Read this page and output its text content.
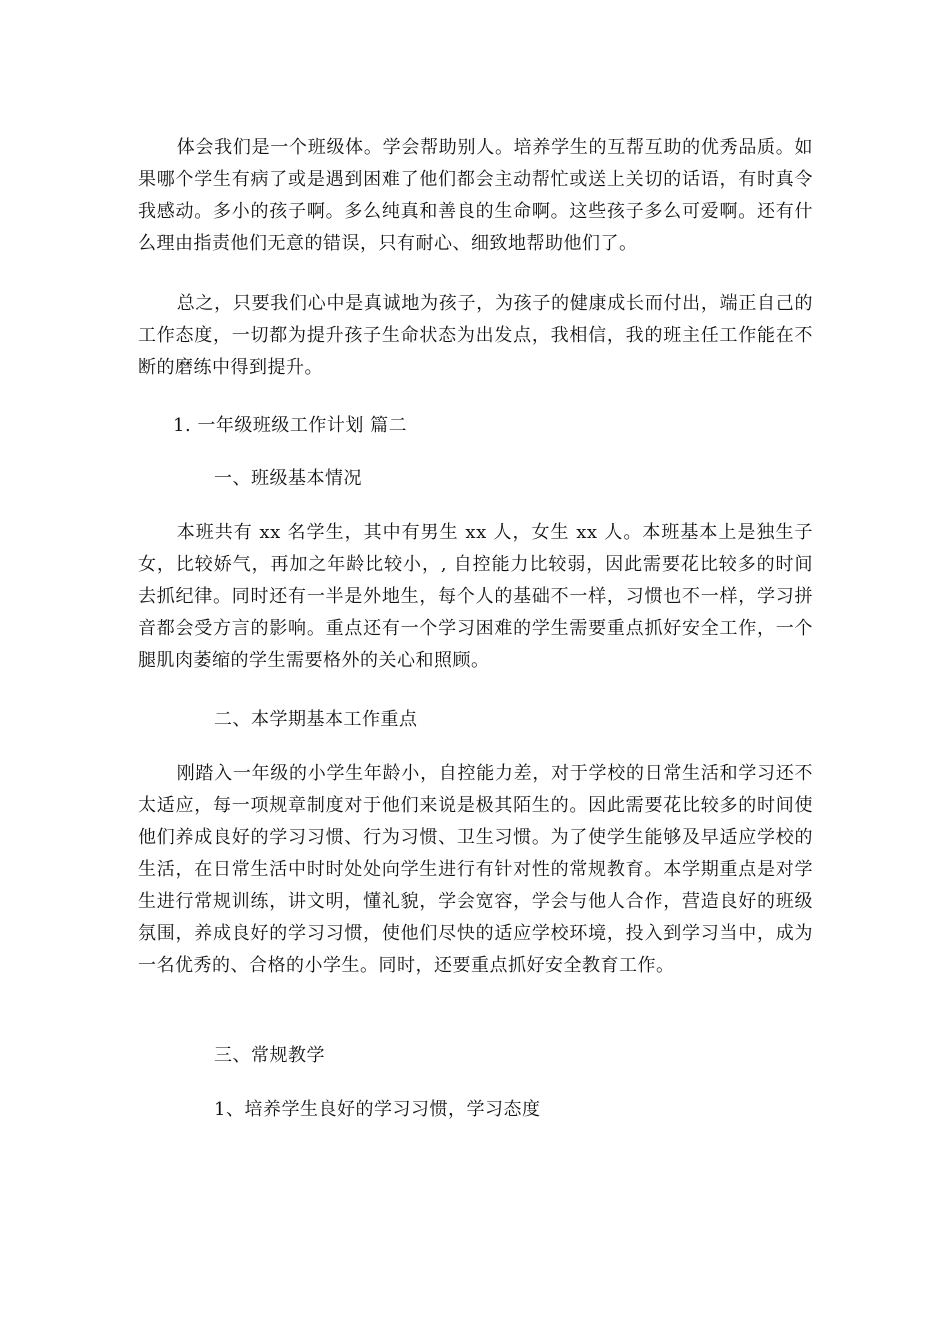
体会我们是一个班级体。学会帮助别人。培养学生的互帮互助的优秀品质。如果哪个学生有病了或是遇到困难了他们都会主动帮忙或送上关切的话语，有时真令我感动。多小的孩子啊。多么纯真和善良的生命啊。这些孩子多么可爱啊。还有什么理由指责他们无意的错误，只有耐心、细致地帮助他们了。

总之，只要我们心中是真诚地为孩子，为孩子的健康成长而付出，端正自己的工作态度，一切都为提升孩子生命状态为出发点，我相信，我的班主任工作能在不断的磨练中得到提升。

1. 一年级班级工作计划 篇二

一、班级基本情况

本班共有 xx 名学生，其中有男生 xx 人，女生 xx 人。本班基本上是独生子女，比较娇气，再加之年龄比较小，, 自控能力比较弱，因此需要花比较多的时间去抓纪律。同时还有一半是外地生，每个人的基础不一样，习惯也不一样，学习拼音都会受方言的影响。重点还有一个学习困难的学生需要重点抓好安全工作，一个腿肌肉萎缩的学生需要格外的关心和照顾。

二、本学期基本工作重点

刚踏入一年级的小学生年龄小，自控能力差，对于学校的日常生活和学习还不太适应，每一项规章制度对于他们来说是极其陌生的。因此需要花比较多的时间使他们养成良好的学习习惯、行为习惯、卫生习惯。为了使学生能够及早适应学校的生活，在日常生活中时时处处向学生进行有针对性的常规教育。本学期重点是对学生进行常规训练，讲文明，懂礼貌，学会宽容，学会与他人合作，营造良好的班级氛围，养成良好的学习习惯，使他们尽快的适应学校环境，投入到学习当中，成为一名优秀的、合格的小学生。同时，还要重点抓好安全教育工作。

三、常规教学

1、培养学生良好的学习习惯，学习态度
